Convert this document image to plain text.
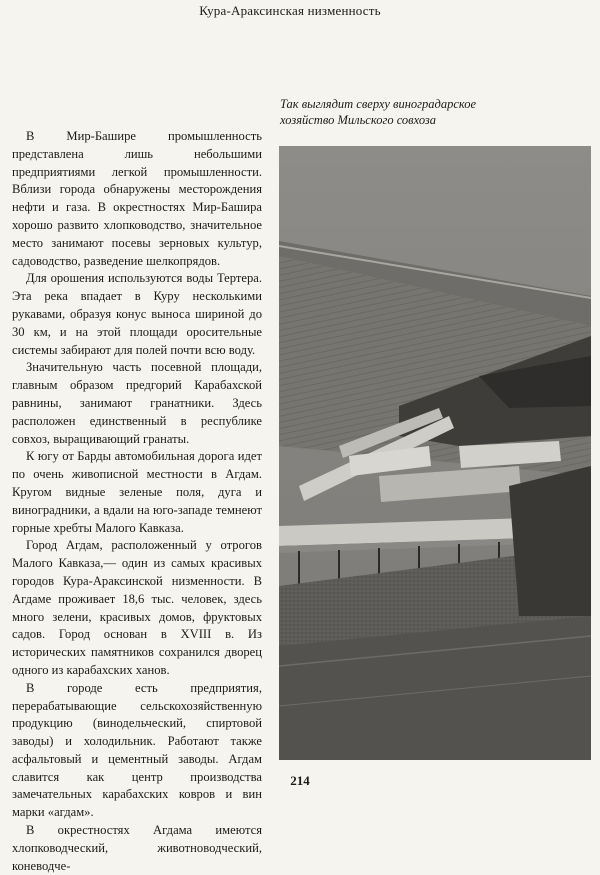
Кура-Араксинская низменность
Так выглядит сверху виноградарское
хозяйство Мильского совхоза

В Мир-Башире промышленность представлена лишь небольшими предприятиями легкой промышленности. Вблизи города обнаружены месторождения нефти и газа. В окрестностях Мир-Башира хорошо развито хлопководство, значительное место занимают посевы зерновых культур, садоводство, разведение шелкопрядов.

Для орошения используются воды Тертера. Эта река впадает в Куру несколькими рукавами, образуя конус выноса шириной до 30 км, и на этой площади оросительные системы забирают для полей почти всю воду.

Значительную часть посевной площади, главным образом предгорий Карабахской равнины, занимают гранатники. Здесь расположен единственный в республике совхоз, выращивающий гранаты.

К югу от Барды автомобильная дорога идет по очень живописной местности в Агдам. Кругом видные зеленые поля, дуга и виноградники, а вдали на юго-западе темнеют горные хребты Малого Кавказа.

Город Агдам, расположенный у отрогов Малого Кавказа,— один из самых красивых городов Кура-Араксинской низменности. В Агдаме проживает 18,6 тыс. человек, здесь много зелени, красивых домов, фруктовых садов. Город основан в XVIII в. Из исторических памятников сохранился дворец одного из карабахских ханов.

В городе есть предприятия, перерабатывающие сельскохозяйственную продукцию (винодельческий, спиртовой заводы) и холодильник. Работают также асфальтовый и цементный заводы. Агдам славится как центр производства замечательных карабахских ковров и вин марки «агдам».

В окрестностях Агдама имеются хлопководческий, животноводческий, коневодче-

214
